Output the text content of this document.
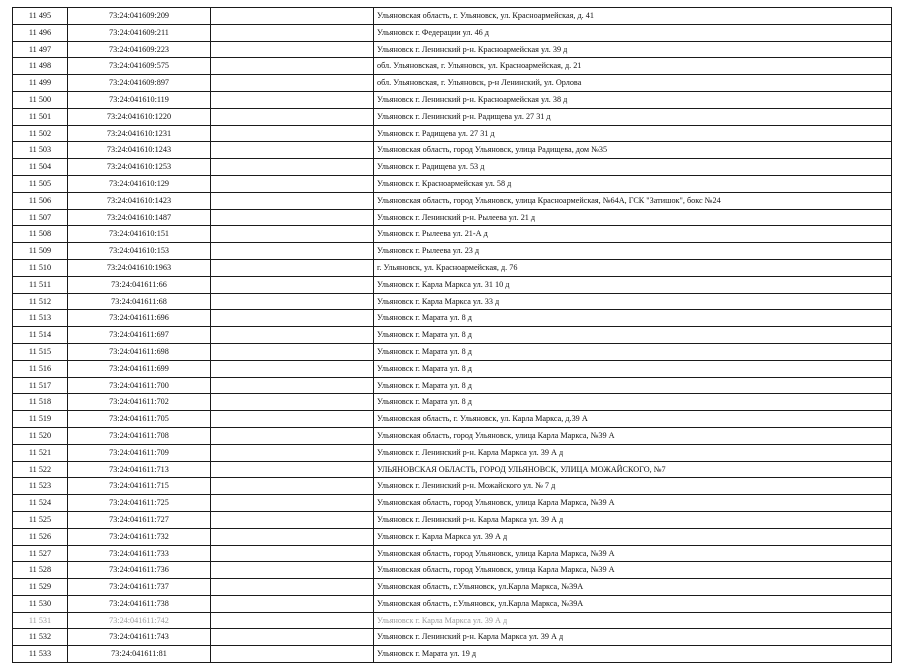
11 495	73:24:041609:209		Ульяновская область, г. Ульяновск, ул. Красноармейская, д. 41
11 496	73:24:041609:211		Ульяновск г. Федерации ул. 46 д
11 497	73:24:041609:223		Ульяновск г. Ленинский р-н. Красноармейская ул. 39 д
11 498	73:24:041609:575		обл. Ульяновская, г. Ульяновск, ул. Красноармейская, д. 21
11 499	73:24:041609:897		обл. Ульяновская, г. Ульяновск, р-н Ленинский, ул. Орлова
11 500	73:24:041610:119		Ульяновск г. Ленинский р-н. Красноармейская ул. 38 д
11 501	73:24:041610:1220		Ульяновск г. Ленинский р-н. Радищева ул. 27 31 д
11 502	73:24:041610:1231		Ульяновск г. Радищева ул. 27 31 д
11 503	73:24:041610:1243		Ульяновская область, город Ульяновск, улица Радищева, дом №35
11 504	73:24:041610:1253		Ульяновск г. Радищева ул. 53 д
11 505	73:24:041610:129		Ульяновск г. Красноармейская ул. 58 д
11 506	73:24:041610:1423		Ульяновская область, город Ульяновск, улица Красноармейская, №64А, ГСК "Затишок", бокс №24
11 507	73:24:041610:1487		Ульяновск г. Ленинский р-н. Рылеева ул. 21 д
11 508	73:24:041610:151		Ульяновск г. Рылеева ул. 21-А д
11 509	73:24:041610:153		Ульяновск г. Рылеева ул. 23 д
11 510	73:24:041610:1963		г. Ульяновск, ул. Красноармейская, д. 76
11 511	73:24:041611:66		Ульяновск г. Карла Маркса ул. 31 10 д
11 512	73:24:041611:68		Ульяновск г. Карла Маркса ул. 33 д
11 513	73:24:041611:696		Ульяновск г. Марата ул. 8 д
11 514	73:24:041611:697		Ульяновск г. Марата ул. 8 д
11 515	73:24:041611:698		Ульяновск г. Марата ул. 8 д
11 516	73:24:041611:699		Ульяновск г. Марата ул. 8 д
11 517	73:24:041611:700		Ульяновск г. Марата ул. 8 д
11 518	73:24:041611:702		Ульяновск г. Марата ул. 8 д
11 519	73:24:041611:705		Ульяновская область, г. Ульяновск, ул. Карла Маркса, д.39 А
11 520	73:24:041611:708		Ульяновская область, город Ульяновск, улица Карла Маркса, №39 А
11 521	73:24:041611:709		Ульяновск г. Ленинский р-н. Карла Маркса ул. 39 А д
11 522	73:24:041611:713		УЛЬЯНОВСКАЯ ОБЛАСТЬ, ГОРОД УЛЬЯНОВСК, УЛИЦА МОЖАЙСКОГО, №7
11 523	73:24:041611:715		Ульяновск г. Ленинский р-н. Можайского ул. № 7 д
11 524	73:24:041611:725		Ульяновская область, город Ульяновск, улица Карла Маркса, №39 А
11 525	73:24:041611:727		Ульяновск г. Ленинский р-н. Карла Маркса ул. 39 А д
11 526	73:24:041611:732		Ульяновск г. Карла Маркса ул. 39 А д
11 527	73:24:041611:733		Ульяновская область, город Ульяновск, улица Карла Маркса, №39 А
11 528	73:24:041611:736		Ульяновская область, город Ульяновск, улица Карла Маркса, №39 А
11 529	73:24:041611:737		Ульяновская область, г.Ульяновск, ул.Карла Маркса, №39А
11 530	73:24:041611:738		Ульяновская область, г.Ульяновск, ул.Карла Маркса, №39А
11 531	73:24:041611:742		Ульяновск г. Карла Маркса ул. 39 А д
11 532	73:24:041611:743		Ульяновск г. Ленинский р-н. Карла Маркса ул. 39 А д
11 533	73:24:041611:81		Ульяновск г. Марата ул. 19 д
